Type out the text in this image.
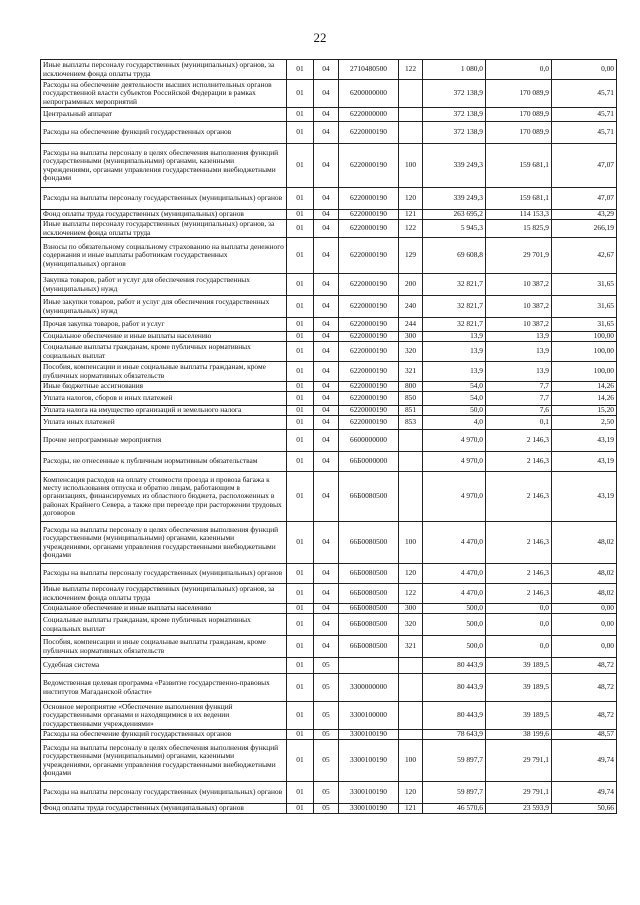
22
Иные выплаты персоналу государственных (муниципальных) органов, за исключением фонда оплаты труда	01	04	2710480500	122	1 080,0	0,0	0,00
Расходы на обеспечение деятельности высших исполнительных органов государственной власти субъектов Российской Федерации в рамках непрограммных мероприятий	01	04	6200000000		372 138,9	170 089,9	45,71
Центральный аппарат	01	04	6220000000		372 138,9	170 089,9	45,71
Расходы на обеспечение функций государственных органов	01	04	6220000190		372 138,9	170 089,9	45,71
Расходы на выплаты персоналу в целях обеспечения выполнения функций государственными (муниципальными) органами, казенными учреждениями, органами управления государственными внебюджетными фондами	01	04	6220000190	100	339 249,3	159 681,1	47,07
Расходы на выплаты персоналу государственных (муниципальных) органов	01	04	6220000190	120	339 249,3	159 681,1	47,07
Фонд оплаты труда государственных (муниципальных) органов	01	04	6220000190	121	263 695,2	114 153,3	43,29
Иные выплаты персоналу государственных (муниципальных) органов, за исключением фонда оплаты труда	01	04	6220000190	122	5 945,3	15 825,9	266,19
Взносы по обязательному социальному страхованию на выплаты денежного содержания и иные выплаты работникам государственных (муниципальных) органов	01	04	6220000190	129	69 608,8	29 701,9	42,67
Закупка товаров, работ и услуг для обеспечения государственных (муниципальных) нужд	01	04	6220000190	200	32 821,7	10 387,2	31,65
Иные закупки товаров, работ и услуг для обеспечения государственных (муниципальных) нужд	01	04	6220000190	240	32 821,7	10 387,2	31,65
Прочая закупка товаров, работ и услуг	01	04	6220000190	244	32 821,7	10 387,2	31,65
Социальное обеспечение и иные выплаты населению	01	04	6220000190	300	13,9	13,9	100,00
Социальные выплаты гражданам, кроме публичных нормативных социальных выплат	01	04	6220000190	320	13,9	13,9	100,00
Пособия, компенсации и иные социальные выплаты гражданам, кроме публичных нормативных обязательств	01	04	6220000190	321	13,9	13,9	100,00
Иные бюджетные ассигнования	01	04	6220000190	800	54,0	7,7	14,26
Уплата налогов, сборов и иных платежей	01	04	6220000190	850	54,0	7,7	14,26
Уплата налога на имущество организаций и земельного налога	01	04	6220000190	851	50,0	7,6	15,20
Уплата иных платежей	01	04	6220000190	853	4,0	0,1	2,50
Прочие непрограммные мероприятия	01	04	6600000000		4 970,0	2 146,3	43,19
Расходы, не отнесенные к публичным нормативным обязательствам	01	04	66Б0000000		4 970,0	2 146,3	43,19
Компенсация расходов на оплату стоимости проезда и провоза багажа к месту использования отпуска и обратно лицам, работающим в организациях, финансируемых из областного бюджета, расположенных в районах Крайнего Севера, а также при переезде при расторжении трудовых договоров	01	04	66Б0080500		4 970,0	2 146,3	43,19
Расходы на выплаты персоналу в целях обеспечения выполнения функций государственными (муниципальными) органами, казенными учреждениями, органами управления государственными внебюджетными фондами	01	04	66Б0080500	100	4 470,0	2 146,3	48,02
Расходы на выплаты персоналу государственных (муниципальных) органов	01	04	66Б0080500	120	4 470,0	2 146,3	48,02
Иные выплаты персоналу государственных (муниципальных) органов, за исключением фонда оплаты труда	01	04	66Б0080500	122	4 470,0	2 146,3	48,02
Социальное обеспечение и иные выплаты населению	01	04	66Б0080500	300	500,0	0,0	0,00
Социальные выплаты гражданам, кроме публичных нормативных социальных выплат	01	04	66Б0080500	320	500,0	0,0	0,00
Пособия, компенсации и иные социальные выплаты гражданам, кроме публичных нормативных обязательств	01	04	66Б0080500	321	500,0	0,0	0,00
Судебная система	01	05			80 443,9	39 189,5	48,72
Ведомственная целевая программа «Развитие государственно-правовых институтов Магаданской области»	01	05	3300000000		80 443,9	39 189,5	48,72
Основное мероприятие «Обеспечение выполнения функций государственными органами и находящимися в их ведении государственными учреждениями»	01	05	3300100000		80 443,9	39 189,5	48,72
Расходы на обеспечение функций государственных органов	01	05	3300100190		78 643,9	38 199,6	48,57
Расходы на выплаты персоналу в целях обеспечения выполнения функций государственными (муниципальными) органами, казенными учреждениями, органами управления государственными внебюджетными фондами	01	05	3300100190	100	59 897,7	29 791,1	49,74
Расходы на выплаты персоналу государственных (муниципальных) органов	01	05	3300100190	120	59 897,7	29 791,1	49,74
Фонд оплаты труда государственных (муниципальных) органов	01	05	3300100190	121	46 570,6	23 593,9	50,66
